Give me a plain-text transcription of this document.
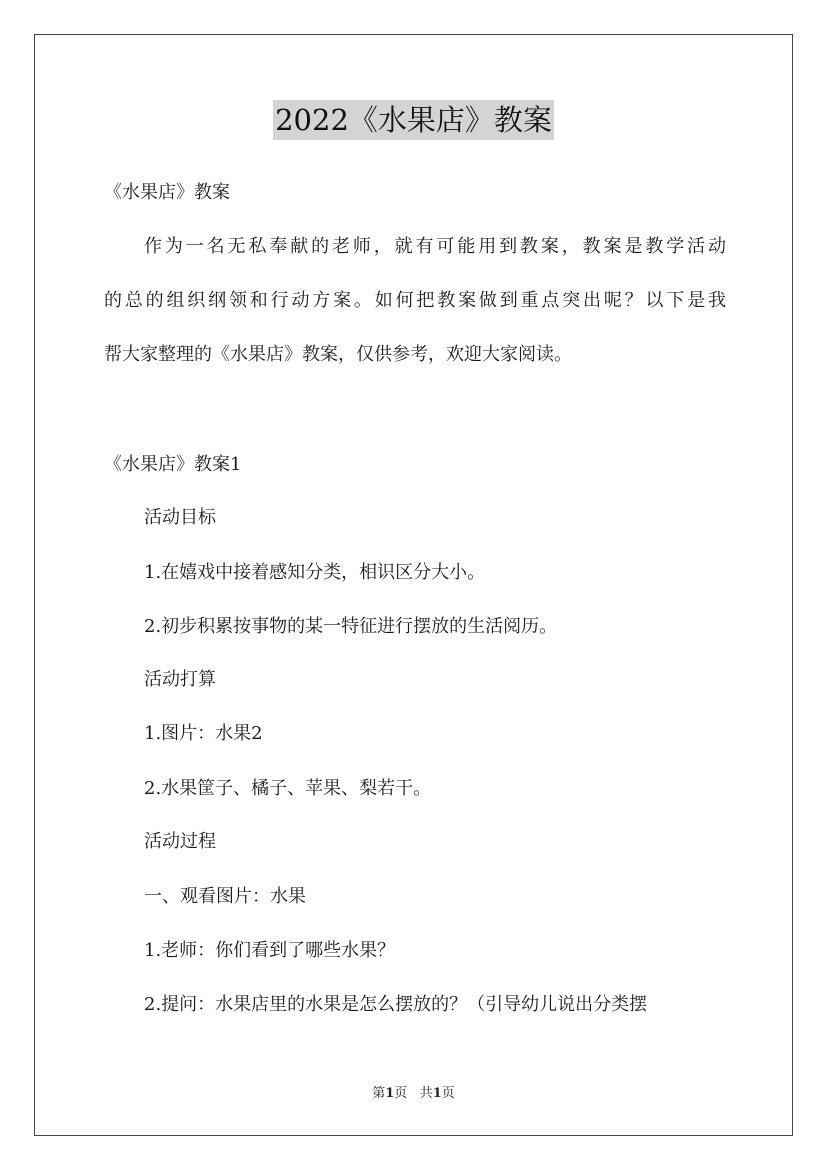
2022《水果店》教案
《水果店》教案
作为一名无私奉献的老师，就有可能用到教案，教案是教学活动
的总的组织纲领和行动方案。如何把教案做到重点突出呢？以下是我
帮大家整理的《水果店》教案，仅供参考，欢迎大家阅读。
《水果店》教案1
活动目标
1.在嬉戏中接着感知分类，相识区分大小。
2.初步积累按事物的某一特征进行摆放的生活阅历。
活动打算
1.图片：水果2
2.水果筐子、橘子、苹果、梨若干。
活动过程
一、观看图片：水果
1.老师：你们看到了哪些水果？
2.提问：水果店里的水果是怎么摆放的？（引导幼儿说出分类摆
第1页 共1页
